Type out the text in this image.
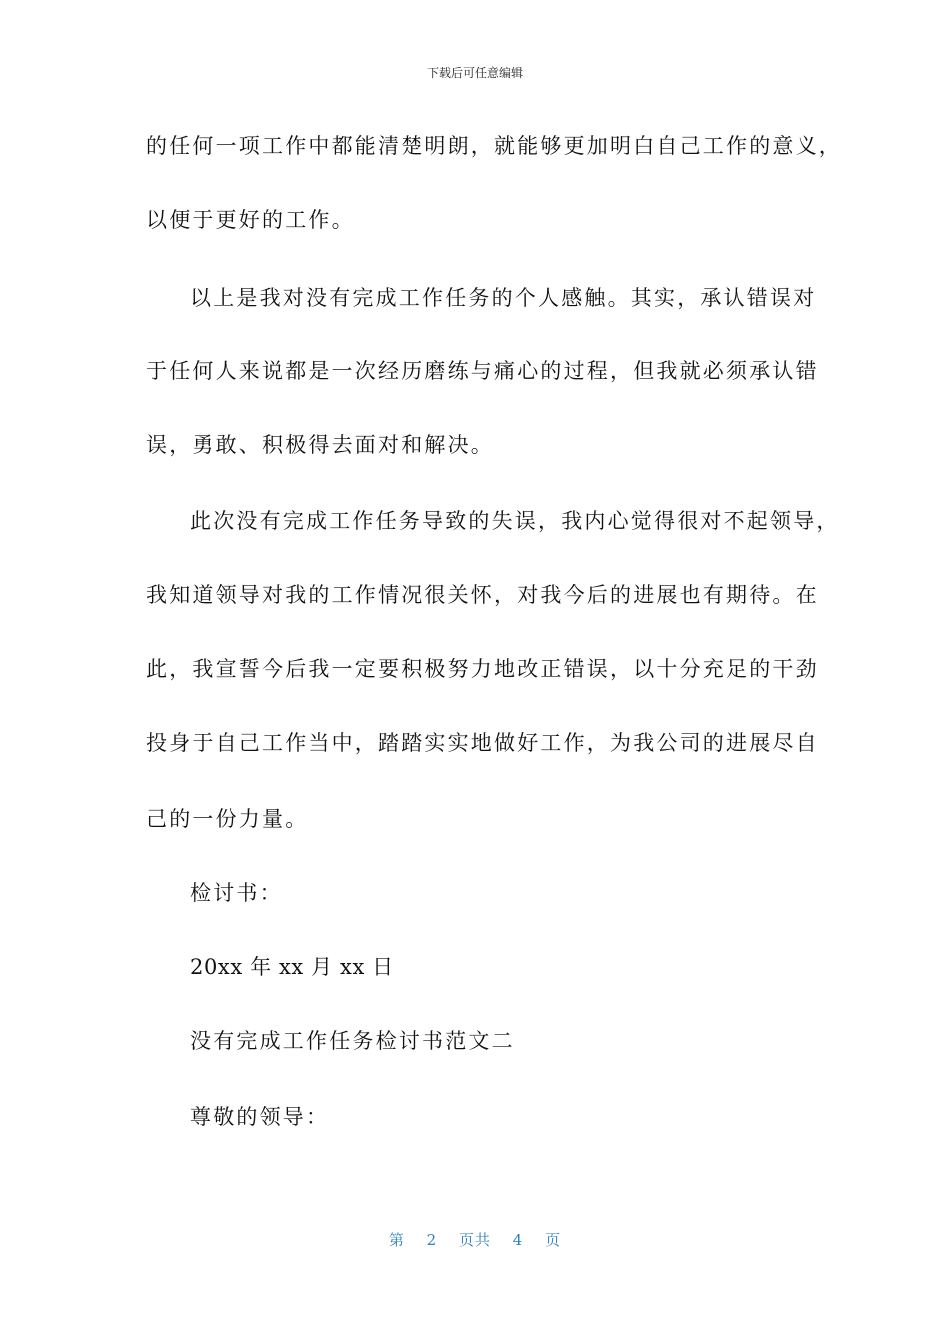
下载后可任意编辑
的任何一项工作中都能清楚明朗，就能够更加明白自己工作的意义，
以便于更好的工作。
以上是我对没有完成工作任务的个人感触。其实，承认错误对
于任何人来说都是一次经历磨练与痛心的过程，但我就必须承认错
误，勇敢、积极得去面对和解决。
此次没有完成工作任务导致的失误，我内心觉得很对不起领导，
我知道领导对我的工作情况很关怀，对我今后的进展也有期待。在
此，我宣誓今后我一定要积极努力地改正错误，以十分充足的干劲
投身于自己工作当中，踏踏实实地做好工作，为我公司的进展尽自
己的一份力量。
检讨书：
20xx 年 xx 月 xx 日
没有完成工作任务检讨书范文二
尊敬的领导：
第 2 页共 4 页
